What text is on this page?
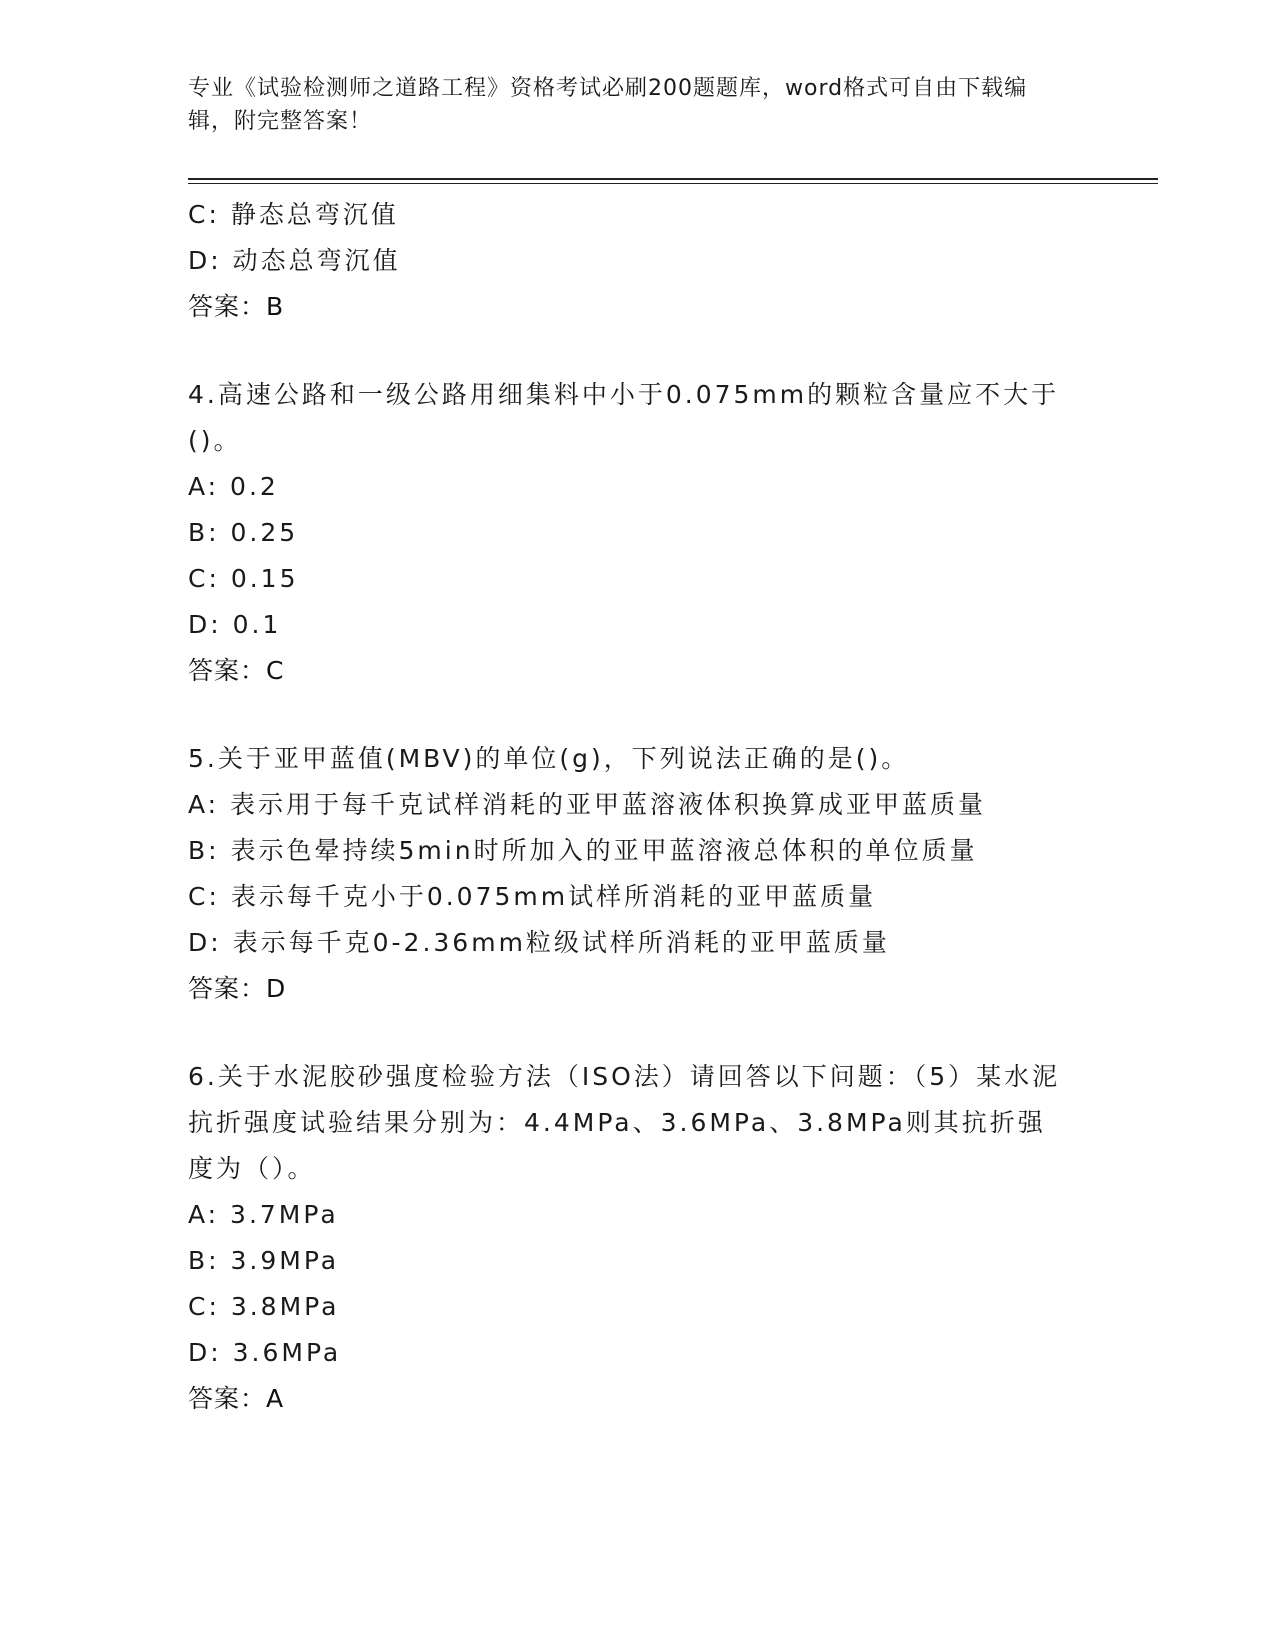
专业《试验检测师之道路工程》资格考试必刷200题题库，word格式可自由下载编辑，附完整答案！

C: 静态总弯沉值

D: 动态总弯沉值

答案：B

4.高速公路和一级公路用细集料中小于0.075mm的颗粒含量应不大于()。

A: 0.2

B: 0.25

C: 0.15

D: 0.1

答案：C

5.关于亚甲蓝值(MBV)的单位(g)，下列说法正确的是()。

A: 表示用于每千克试样消耗的亚甲蓝溶液体积换算成亚甲蓝质量

B: 表示色晕持续5min时所加入的亚甲蓝溶液总体积的单位质量

C: 表示每千克小于0.075mm试样所消耗的亚甲蓝质量

D: 表示每千克0-2.36mm粒级试样所消耗的亚甲蓝质量

答案：D

6.关于水泥胶砂强度检验方法（ISO法）请回答以下问题：（5）某水泥抗折强度试验结果分别为：4.4MPa、3.6MPa、3.8MPa则其抗折强度为（）。

A: 3.7MPa

B: 3.9MPa

C: 3.8MPa

D: 3.6MPa

答案：A
